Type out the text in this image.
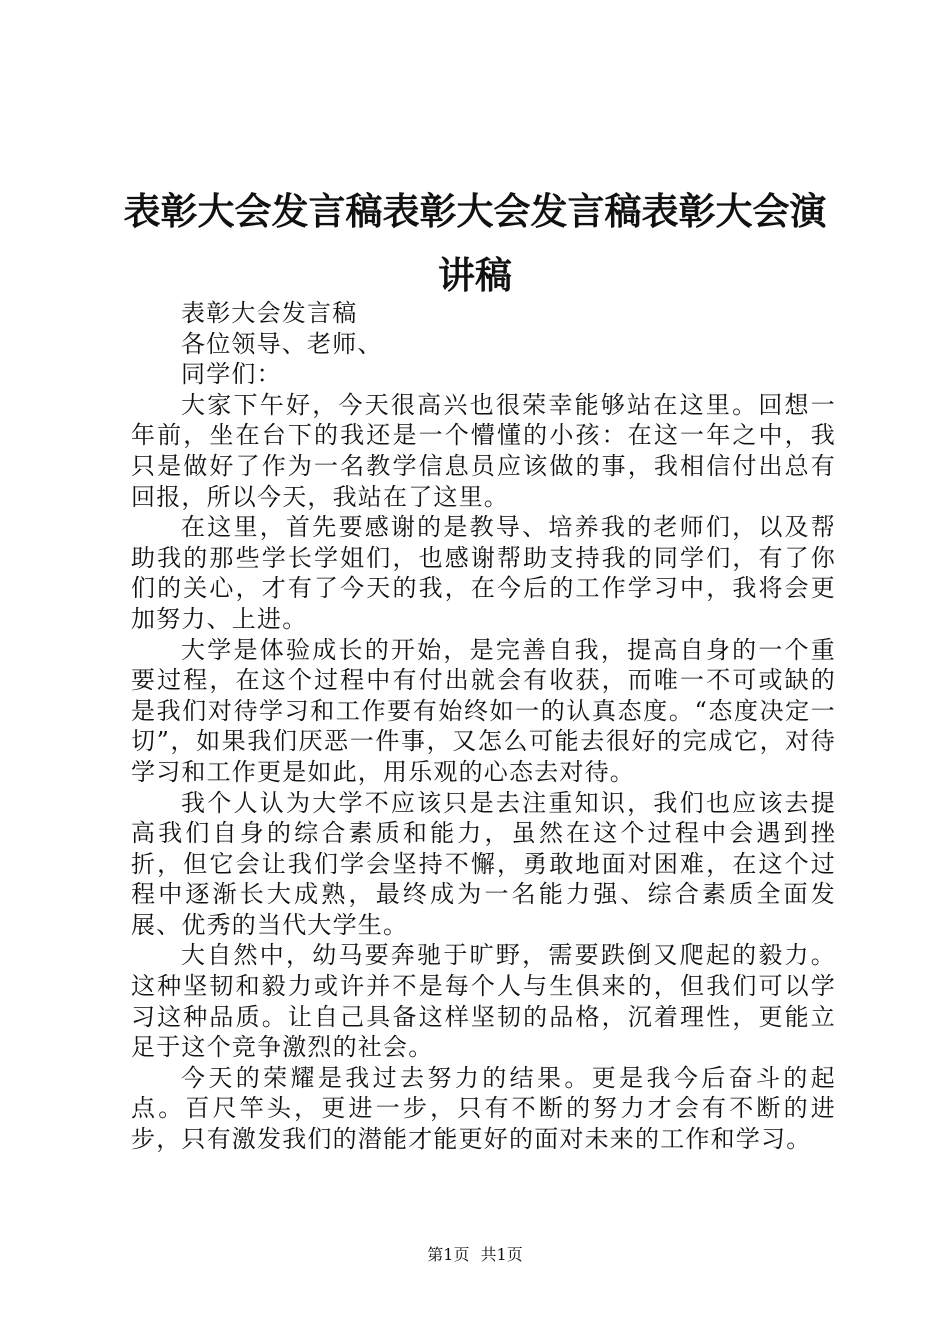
表彰大会发言稿表彰大会发言稿表彰大会演讲稿

表彰大会发言稿

各位领导、老师、

同学们：

大家下午好，今天很高兴也很荣幸能够站在这里。回想一年前，坐在台下的我还是一个懵懂的小孩：在这一年之中，我只是做好了作为一名教学信息员应该做的事，我相信付出总有回报，所以今天，我站在了这里。

在这里，首先要感谢的是教导、培养我的老师们，以及帮助我的那些学长学姐们，也感谢帮助支持我的同学们，有了你们的关心，才有了今天的我，在今后的工作学习中，我将会更加努力、上进。

大学是体验成长的开始，是完善自我，提高自身的一个重要过程，在这个过程中有付出就会有收获，而唯一不可或缺的是我们对待学习和工作要有始终如一的认真态度。“态度决定一切”，如果我们厌恶一件事，又怎么可能去很好的完成它，对待学习和工作更是如此，用乐观的心态去对待。

我个人认为大学不应该只是去注重知识，我们也应该去提高我们自身的综合素质和能力，虽然在这个过程中会遇到挫折，但它会让我们学会坚持不懈，勇敢地面对困难，在这个过程中逐渐长大成熟，最终成为一名能力强、综合素质全面发展、优秀的当代大学生。

大自然中，幼马要奔驰于旷野，需要跌倒又爬起的毅力。这种坚韧和毅力或许并不是每个人与生俱来的，但我们可以学习这种品质。让自己具备这样坚韧的品格，沉着理性，更能立足于这个竞争激烈的社会。

今天的荣耀是我过去努力的结果。更是我今后奋斗的起点。百尺竿头，更进一步，只有不断的努力才会有不断的进步，只有激发我们的潜能才能更好的面对未来的工作和学习。

第1页 共1页
